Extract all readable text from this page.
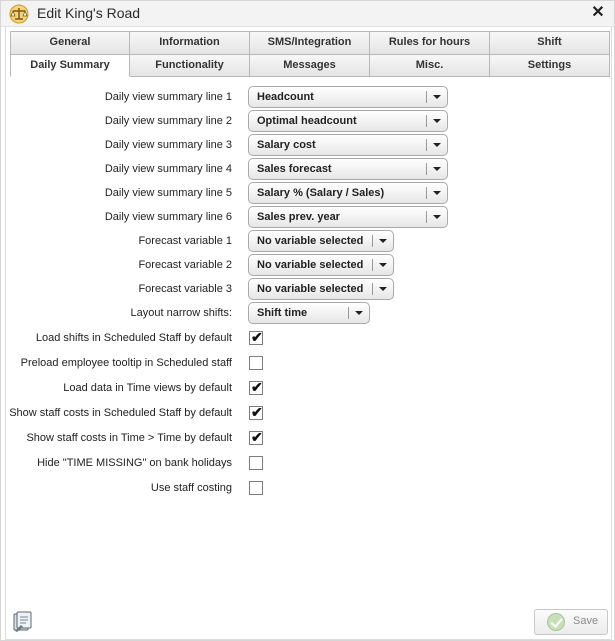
Edit King's Road	✕
General	Information	SMS/Integration	Rules for hours	Shift
Daily Summary	Functionality	Messages	Misc.	Settings
Daily view summary line 1 Headcount
Daily view summary line 2 Optimal headcount
Daily view summary line 3 Salary cost
Daily view summary line 4 Sales forecast
Daily view summary line 5 Salary % (Salary / Sales)
Daily view summary line 6 Sales prev. year
Forecast variable 1 No variable selected
Forecast variable 2 No variable selected
Forecast variable 3 No variable selected
Layout narrow shifts: Shift time
Load shifts in Scheduled Staff by default ✔
Preload employee tooltip in Scheduled staff
Load data in Time views by default ✔
Show staff costs in Scheduled Staff by default ✔
Show staff costs in Time > Time by default ✔
Hide "TIME MISSING" on bank holidays
Use staff costing
Save
